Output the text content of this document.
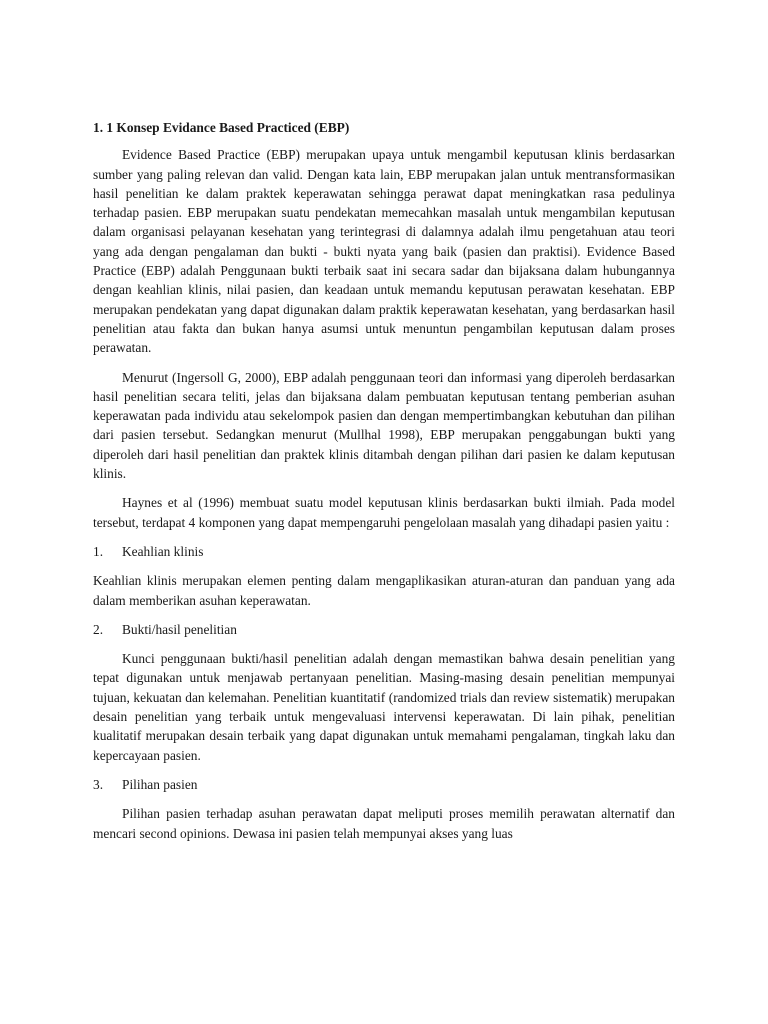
1. 1 Konsep Evidance Based Practiced (EBP)

Evidence Based Practice (EBP) merupakan upaya untuk mengambil keputusan klinis berdasarkan sumber yang paling relevan dan valid. Dengan kata lain, EBP merupakan jalan untuk mentransformasikan hasil penelitian ke dalam praktek keperawatan sehingga perawat dapat meningkatkan rasa pedulinya terhadap pasien. EBP merupakan suatu pendekatan memecahkan masalah untuk mengambilan keputusan dalam organisasi pelayanan kesehatan yang terintegrasi di dalamnya adalah ilmu pengetahuan atau teori yang ada dengan pengalaman dan bukti - bukti nyata yang baik (pasien dan praktisi). Evidence Based Practice (EBP) adalah Penggunaan bukti terbaik saat ini secara sadar dan bijaksana dalam hubungannya dengan keahlian klinis, nilai pasien, dan keadaan untuk memandu keputusan perawatan kesehatan. EBP merupakan pendekatan yang dapat digunakan dalam praktik keperawatan kesehatan, yang berdasarkan hasil penelitian atau fakta dan bukan hanya asumsi untuk menuntun pengambilan keputusan dalam proses perawatan.

Menurut (Ingersoll G, 2000), EBP adalah penggunaan teori dan informasi yang diperoleh berdasarkan hasil penelitian secara teliti, jelas dan bijaksana dalam pembuatan keputusan tentang pemberian asuhan keperawatan pada individu atau sekelompok pasien dan dengan mempertimbangkan kebutuhan dan pilihan dari pasien tersebut. Sedangkan menurut (Mullhal 1998), EBP merupakan penggabungan bukti yang diperoleh dari hasil penelitian dan praktek klinis ditambah dengan pilihan dari pasien ke dalam keputusan klinis.

Haynes et al (1996) membuat suatu model keputusan klinis berdasarkan bukti ilmiah. Pada model tersebut, terdapat 4 komponen yang dapat mempengaruhi pengelolaan masalah yang dihadapi pasien yaitu :

1.	Keahlian klinis

Keahlian klinis merupakan elemen penting dalam mengaplikasikan aturan-aturan dan panduan yang ada dalam memberikan asuhan keperawatan.

2.	Bukti/hasil penelitian

Kunci penggunaan bukti/hasil penelitian adalah dengan memastikan bahwa desain penelitian yang tepat digunakan untuk menjawab pertanyaan penelitian. Masing-masing desain penelitian mempunyai tujuan, kekuatan dan kelemahan. Penelitian kuantitatif (randomized trials dan review sistematik) merupakan desain penelitian yang terbaik untuk mengevaluasi intervensi keperawatan. Di lain pihak, penelitian kualitatif merupakan desain terbaik yang dapat digunakan untuk memahami pengalaman, tingkah laku dan kepercayaan pasien.

3.	Pilihan pasien

Pilihan pasien terhadap asuhan perawatan dapat meliputi proses memilih perawatan alternatif dan mencari second opinions. Dewasa ini pasien telah mempunyai akses yang luas
